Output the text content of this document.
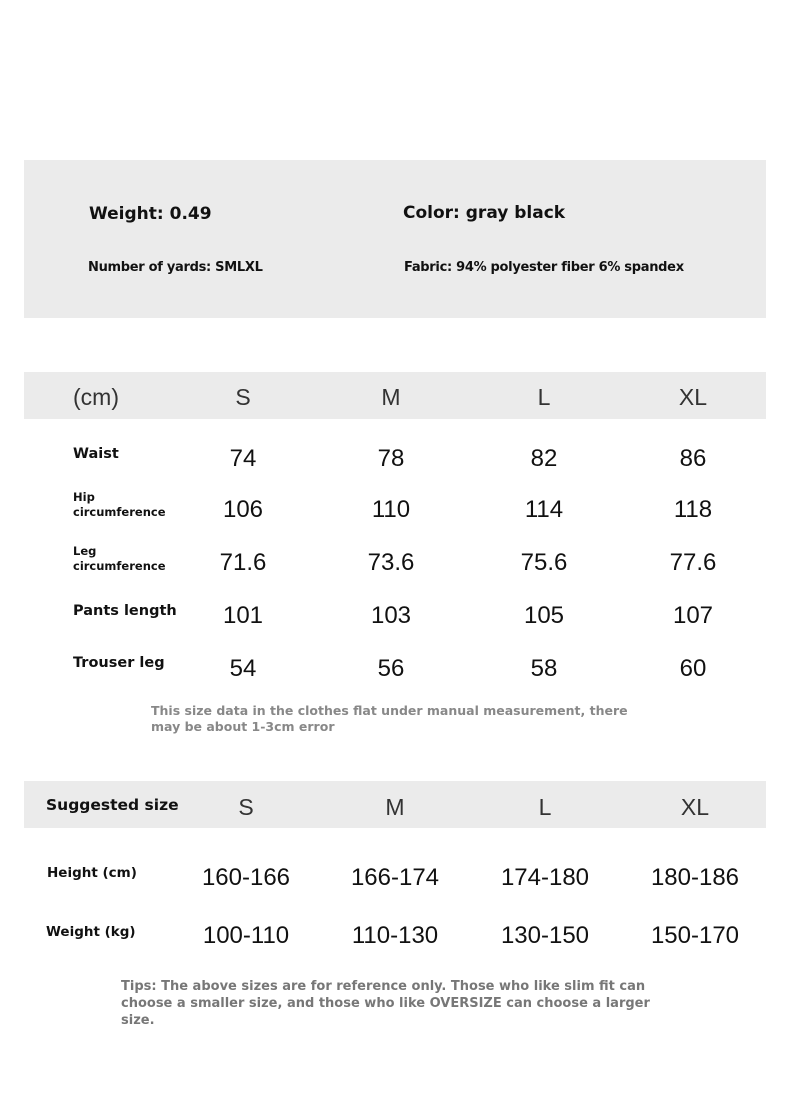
Weight: 0.49	Color: gray black
Number of yards: SMLXL	Fabric: 94% polyester fiber 6% spandex
(cm)	S	M	L	XL
Waist	74	78	82	86
Hip
circumference	106	110	114	118
Leg
circumference	71.6	73.6	75.6	77.6
Pants length	101	103	105	107
Trouser leg	54	56	58	60
This size data in the clothes flat under manual measurement, there may be about 1-3cm error
Suggested size	S	M	L	XL
Height (cm)	160-166	166-174	174-180	180-186
Weight (kg)	100-110	110-130	130-150	150-170
Tips: The above sizes are for reference only. Those who like slim fit can choose a smaller size, and those who like OVERSIZE can choose a larger size.
